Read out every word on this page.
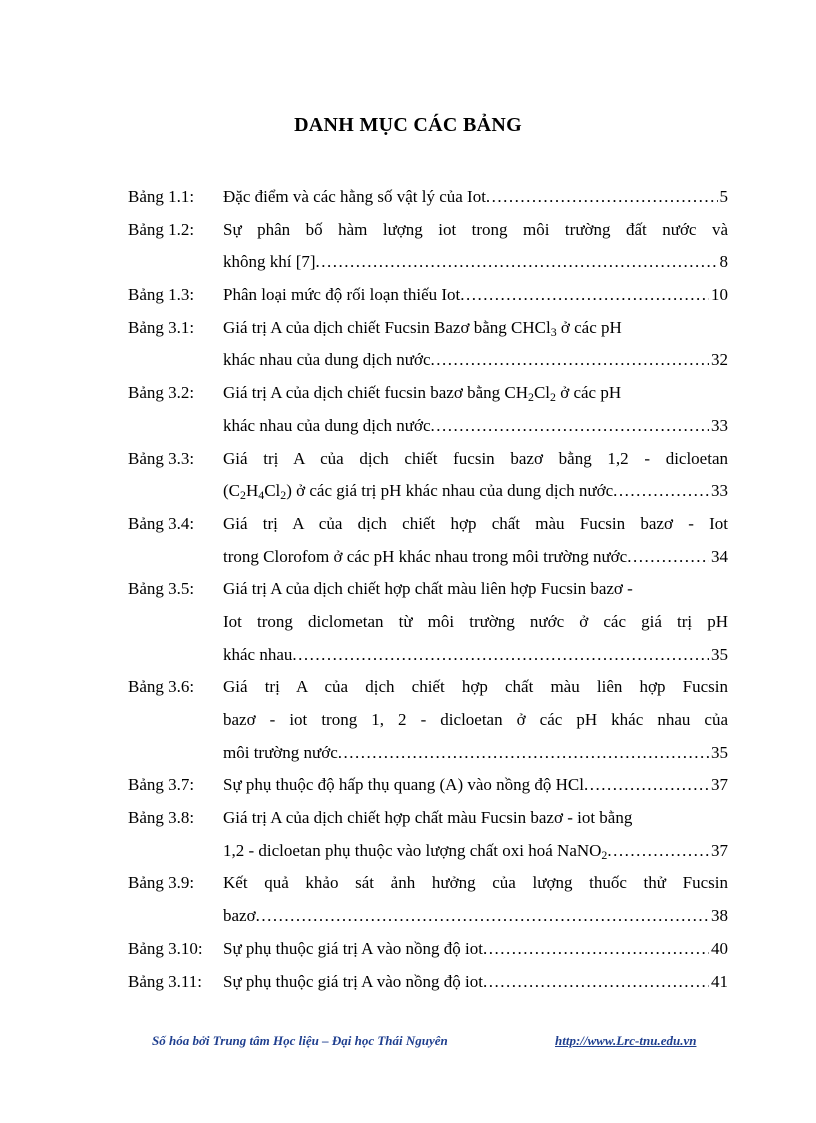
DANH MỤC CÁC BẢNG
Bảng 1.1:	Đặc điểm và các hằng số vật lý của Iot .....	5
Bảng 1.2:	Sự phân bố hàm lượng iot trong môi trường đất nước và
không khí [7] .....	8
Bảng 1.3:	Phân loại mức độ rối loạn thiếu Iot .....	10
Bảng 3.1:	Giá trị A của dịch chiết Fucsin Bazơ bằng CHCl$_3$ ở các pH
khác nhau của dung dịch nước .....	32
Bảng 3.2:	Giá trị A của dịch chiết fucsin bazơ bằng $CH_2Cl_2$ ở các pH
khác nhau của dung dịch nước .....	33
Bảng 3.3:	Giá trị A của dịch chiết fucsin bazơ bằng 1,2 - dicloetan
$(C_2H_4Cl_2)$ ở các giá trị pH khác nhau của dung dịch nước .....	33
Bảng 3.4:	Giá trị A của dịch chiết hợp chất màu Fucsin bazơ - Iot
trong Clorofom ở các pH khác nhau trong môi trường nước .....	34
Bảng 3.5:	Giá trị A của dịch chiết hợp chất màu liên hợp Fucsin bazơ -
Iot trong diclometan từ môi trường nước ở các giá trị pH
khác nhau .....	35
Bảng 3.6:	Giá trị A của dịch chiết hợp chất màu liên hợp Fucsin
bazơ - iot trong 1, 2 - dicloetan ở các pH khác nhau của
môi trường nước .....	35
Bảng 3.7:	Sự phụ thuộc độ hấp thụ quang (A) vào nồng độ HCl .....	37
Bảng 3.8:	Giá trị A của dịch chiết hợp chất màu Fucsin bazơ - iot bằng
1,2 - dicloetan phụ thuộc vào lượng chất oxi hoá NaNO$_2$ .....	37
Bảng 3.9:	Kết quả khảo sát ảnh hưởng của lượng thuốc thử Fucsin
bazơ .....	38
Bảng 3.10:	Sự phụ thuộc giá trị A vào nồng độ iot .....	40
Bảng 3.11:	Sự phụ thuộc giá trị A vào nồng độ iot .....	41
Số hóa bởi Trung tâm Học liệu – Đại học Thái Nguyên	http://www.Lrc-tnu.edu.vn
